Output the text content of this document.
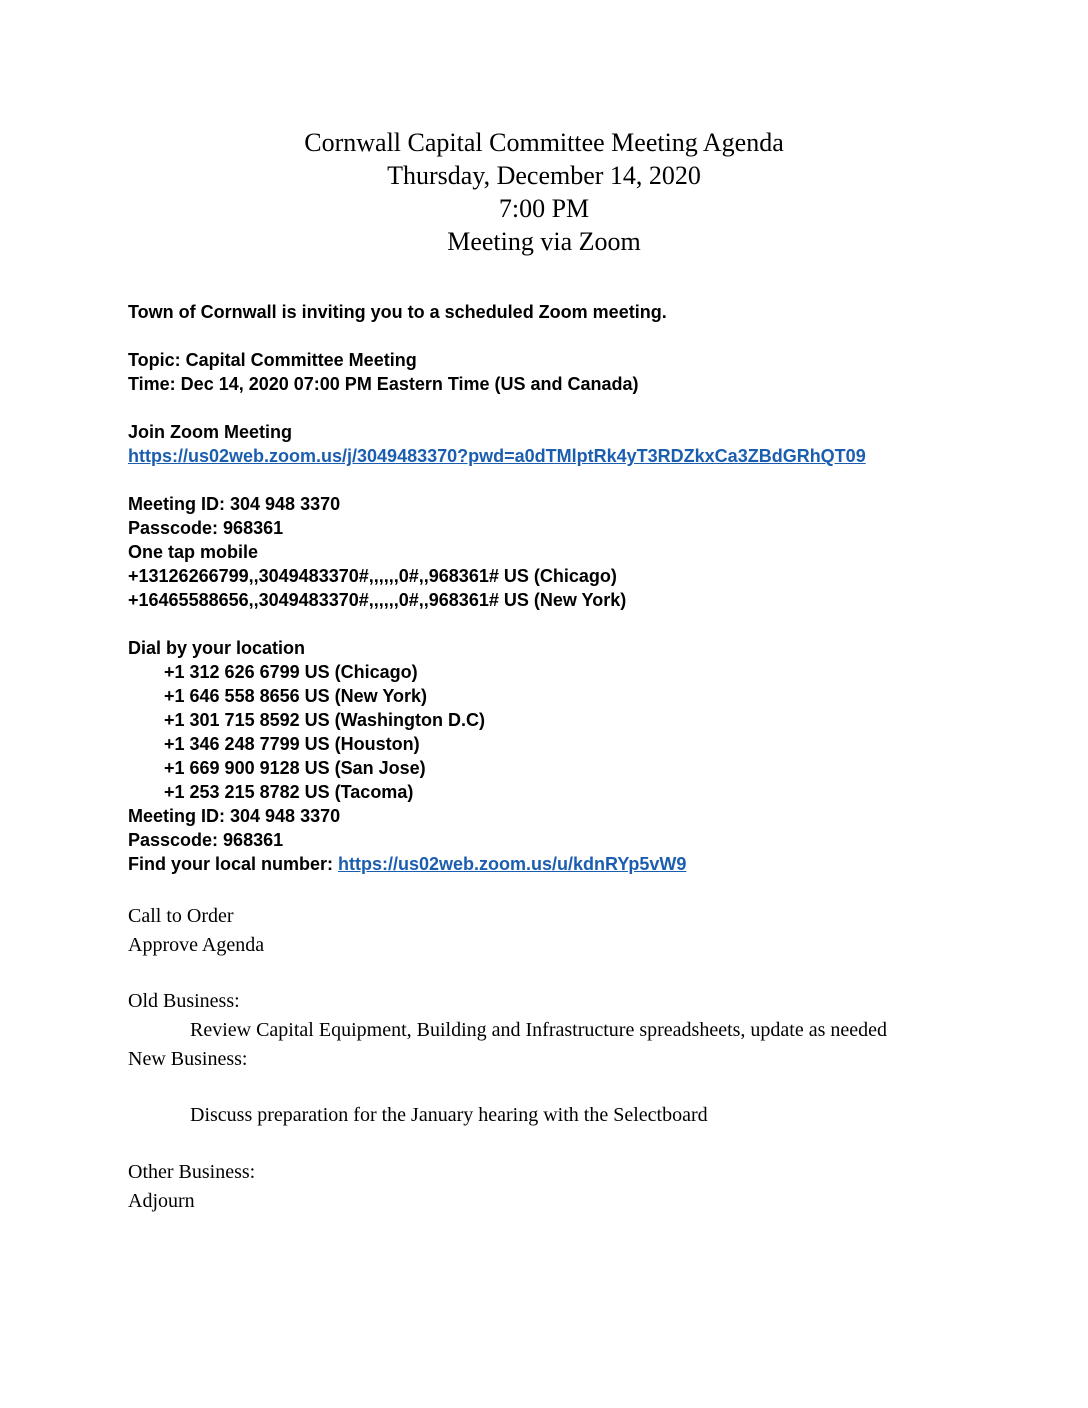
Cornwall Capital Committee Meeting Agenda

Thursday, December 14, 2020

7:00 PM

Meeting via Zoom

Town of Cornwall is inviting you to a scheduled Zoom meeting.

Topic: Capital Committee Meeting

Time: Dec 14, 2020 07:00 PM Eastern Time (US and Canada)

Join Zoom Meeting

https://us02web.zoom.us/j/3049483370?pwd=a0dTMlptRk4yT3RDZkxCa3ZBdGRhQT09

Meeting ID: 304 948 3370

Passcode: 968361

One tap mobile

+13126266799,,3049483370#,,,,,,0#,,968361# US (Chicago)

+16465588656,,3049483370#,,,,,,0#,,968361# US (New York)

Dial by your location

+1 312 626 6799 US (Chicago)

+1 646 558 8656 US (New York)

+1 301 715 8592 US (Washington D.C)

+1 346 248 7799 US (Houston)

+1 669 900 9128 US (San Jose)

+1 253 215 8782 US (Tacoma)

Meeting ID: 304 948 3370

Passcode: 968361

Find your local number: https://us02web.zoom.us/u/kdnRYp5vW9

Call to Order

Approve Agenda

Old Business:

Review Capital Equipment, Building and Infrastructure spreadsheets, update as needed

New Business:

Discuss preparation for the January hearing with the Selectboard

Other Business:

Adjourn
